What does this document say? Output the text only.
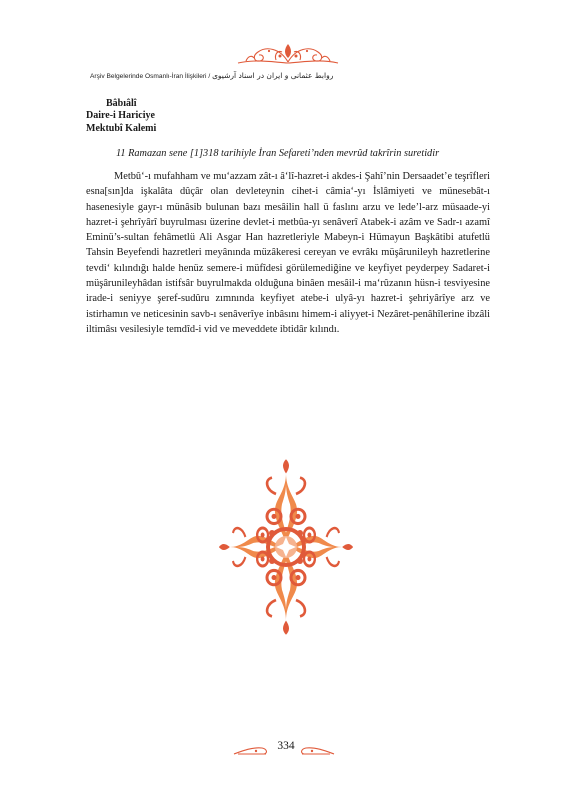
Arşiv Belgelerinde Osmanlı-İran İlişkileri / روابط عثمانى و ايران در اسناد آرشيوى
Bâbıâlî
Daire-i Hariciye
Mektubî Kalemi
11 Ramazan sene [1]318 tarihiyle İran Sefareti’nden mevrûd takrîrin suretidir

Metbû‘-ı mufahham ve mu‘azzam zât-ı â‘lî-hazret-i akdes-i Şahî’nin Dersaadet’e teşrîfleri esna[sın]da işkalâta dûçâr olan devleteynin cihet-i câmia‘-yı İslâmiyeti ve münesebât-ı hasenesiyle gayr-ı münâsib bulunan bazı mesâilin hall ü faslını arzu ve lede’l-arz müsaade-yi hazret-i şehrîyârî buyrulması üzerine devlet-i metbûa-yı senâverî Atabek-i azâm ve Sadr-ı azamî Eminü’s-sultan fehâmetlü Ali Asgar Han hazretleriyle Mabeyn-i Hümayun Başkâtibi atufetlü Tahsin Beyefendi hazretleri meyânında müzâkeresi cereyan ve evrâkı müşârunileyh hazretlerine tevdi‘ kılındığı halde henüz semere-i müfîdesi görülemediğine ve keyfiyet peyderpey Sadaret-i müşârunileyhâdan istifsâr buyrulmakda olduğuna binâen mesâil-i ma‘rûzanın hüsn-i tesviyesine irade-i seniyye şeref-sudûru zımnında keyfiyet atebe-i ulyâ-yı hazret-i şehriyârîye arz ve istirhamın ve neticesinin savb-ı senâverîye inbâsını himem-i aliyyet-i Nezâret-penâhîlerine ibzâli iltimâsı vesilesiyle temdîd-i vid ve meveddete ibtidâr kılındı.

334
